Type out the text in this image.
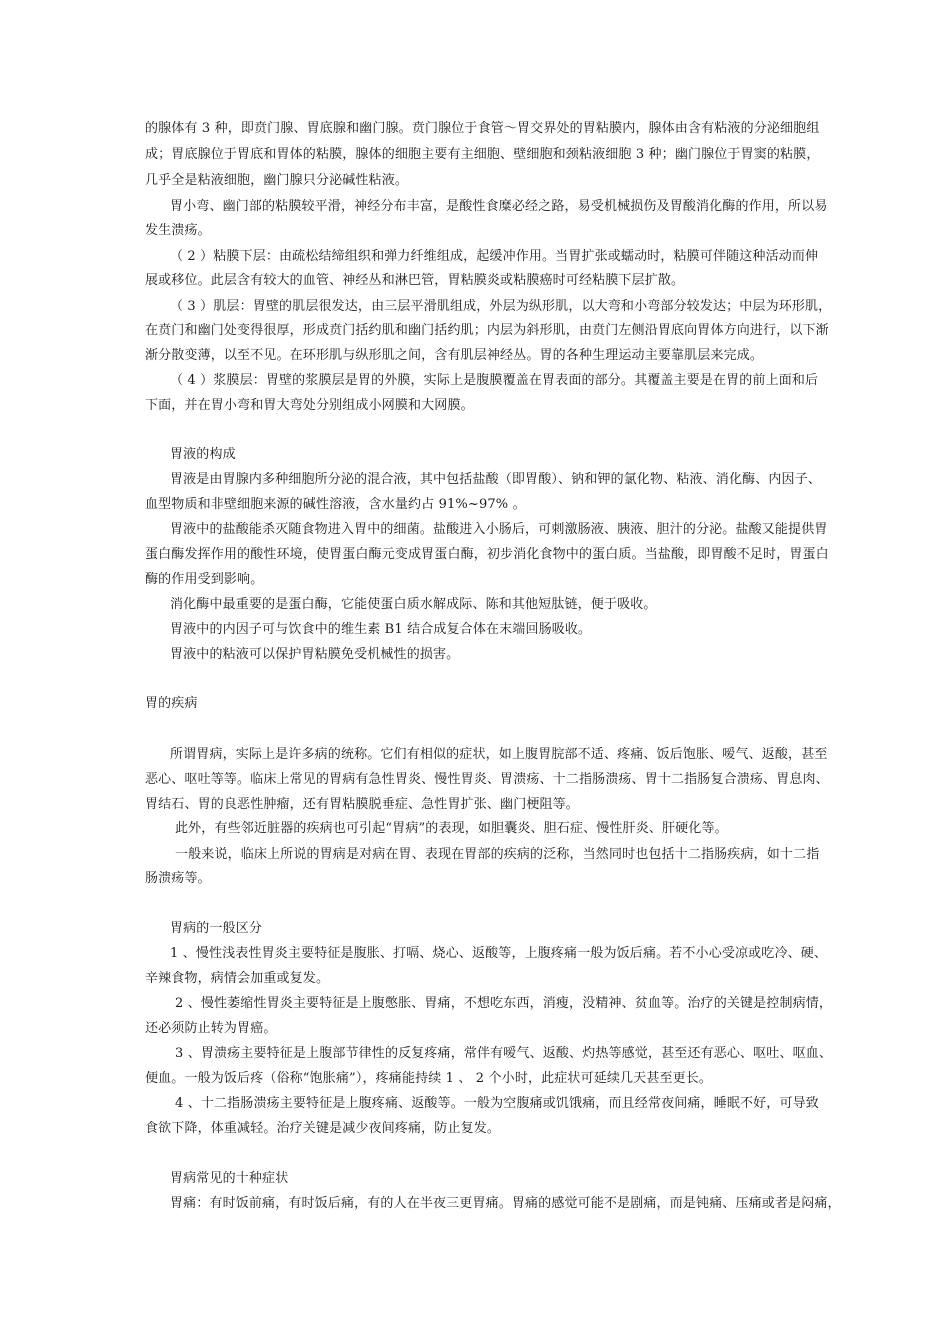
的腺体有 3 种，即贲门腺、胃底腺和幽门腺。贲门腺位于食管～胃交界处的胃粘膜内，腺体由含有粘液的分泌细胞组
成；胃底腺位于胃底和胃体的粘膜，腺体的细胞主要有主细胞、壁细胞和颈粘液细胞 3 种；幽门腺位于胃窦的粘膜，
几乎全是粘液细胞，幽门腺只分泌碱性粘液。
胃小弯、幽门部的粘膜较平滑，神经分布丰富，是酸性食糜必经之路，易受机械损伤及胃酸消化酶的作用，所以易
发生溃疡。
（ 2 ）粘膜下层：由疏松结缔组织和弹力纤维组成，起缓冲作用。当胃扩张或蠕动时，粘膜可伴随这种活动而伸
展或移位。此层含有较大的血管、神经丛和淋巴管，胃粘膜炎或粘膜癌时可经粘膜下层扩散。
（ 3 ）肌层：胃壁的肌层很发达，由三层平滑肌组成，外层为纵形肌，以大弯和小弯部分较发达；中层为环形肌，
在贲门和幽门处变得很厚，形成贲门括约肌和幽门括约肌；内层为斜形肌，由贲门左侧沿胃底向胃体方向进行，以下渐
渐分散变薄，以至不见。在环形肌与纵形肌之间，含有肌层神经丛。胃的各种生理运动主要靠肌层来完成。
（ 4 ）浆膜层：胃壁的浆膜层是胃的外膜，实际上是腹膜覆盖在胃表面的部分。其覆盖主要是在胃的前上面和后
下面，并在胃小弯和胃大弯处分别组成小网膜和大网膜。
胃液的构成
胃液是由胃腺内多种细胞所分泌的混合液，其中包括盐酸（即胃酸）、钠和钾的氯化物、粘液、消化酶、内因子、
血型物质和非壁细胞来源的碱性溶液，含水量约占 91%~97% 。
胃液中的盐酸能杀灭随食物进入胃中的细菌。盐酸进入小肠后，可刺激肠液、胰液、胆汁的分泌。盐酸又能提供胃
蛋白酶发挥作用的酸性环境，使胃蛋白酶元变成胃蛋白酶，初步消化食物中的蛋白质。当盐酸，即胃酸不足时，胃蛋白
酶的作用受到影响。
消化酶中最重要的是蛋白酶，它能使蛋白质水解成际、陈和其他短肽链，便于吸收。
胃液中的内因子可与饮食中的维生素 B1 结合成复合体在末端回肠吸收。
胃液中的粘液可以保护胃粘膜免受机械性的损害。
胃的疾病
所谓胃病，实际上是许多病的统称。它们有相似的症状，如上腹胃脘部不适、疼痛、饭后饱胀、嗳气、返酸，甚至
恶心、呕吐等等。临床上常见的胃病有急性胃炎、慢性胃炎、胃溃疡、十二指肠溃疡、胃十二指肠复合溃疡、胃息肉、
胃结石、胃的良恶性肿瘤，还有胃粘膜脱垂症、急性胃扩张、幽门梗阻等。
此外，有些邻近脏器的疾病也可引起“胃病”的表现，如胆囊炎、胆石症、慢性肝炎、肝硬化等。
一般来说，临床上所说的胃病是对病在胃、表现在胃部的疾病的泛称，当然同时也包括十二指肠疾病，如十二指
肠溃疡等。
胃病的一般区分
1 、慢性浅表性胃炎主要特征是腹胀、打嗝、烧心、返酸等，上腹疼痛一般为饭后痛。若不小心受凉或吃冷、硬、
辛辣食物，病情会加重或复发。
2 、慢性萎缩性胃炎主要特征是上腹憋胀、胃痛，不想吃东西，消瘦，没精神、贫血等。治疗的关键是控制病情，
还必须防止转为胃癌。
3 、胃溃疡主要特征是上腹部节律性的反复疼痛，常伴有嗳气、返酸、灼热等感觉，甚至还有恶心、呕吐、呕血、
便血。一般为饭后疼（俗称“饱胀痛”），疼痛能持续 1 、 2 个小时，此症状可延续几天甚至更长。
4 、十二指肠溃疡主要特征是上腹疼痛、返酸等。一般为空腹痛或饥饿痛，而且经常夜间痛，睡眠不好，可导致
食欲下降，体重减轻。治疗关键是减少夜间疼痛，防止复发。
胃病常见的十种症状
胃痛：有时饭前痛，有时饭后痛，有的人在半夜三更胃痛。胃痛的感觉可能不是剧痛，而是钝痛、压痛或者是闷痛，
